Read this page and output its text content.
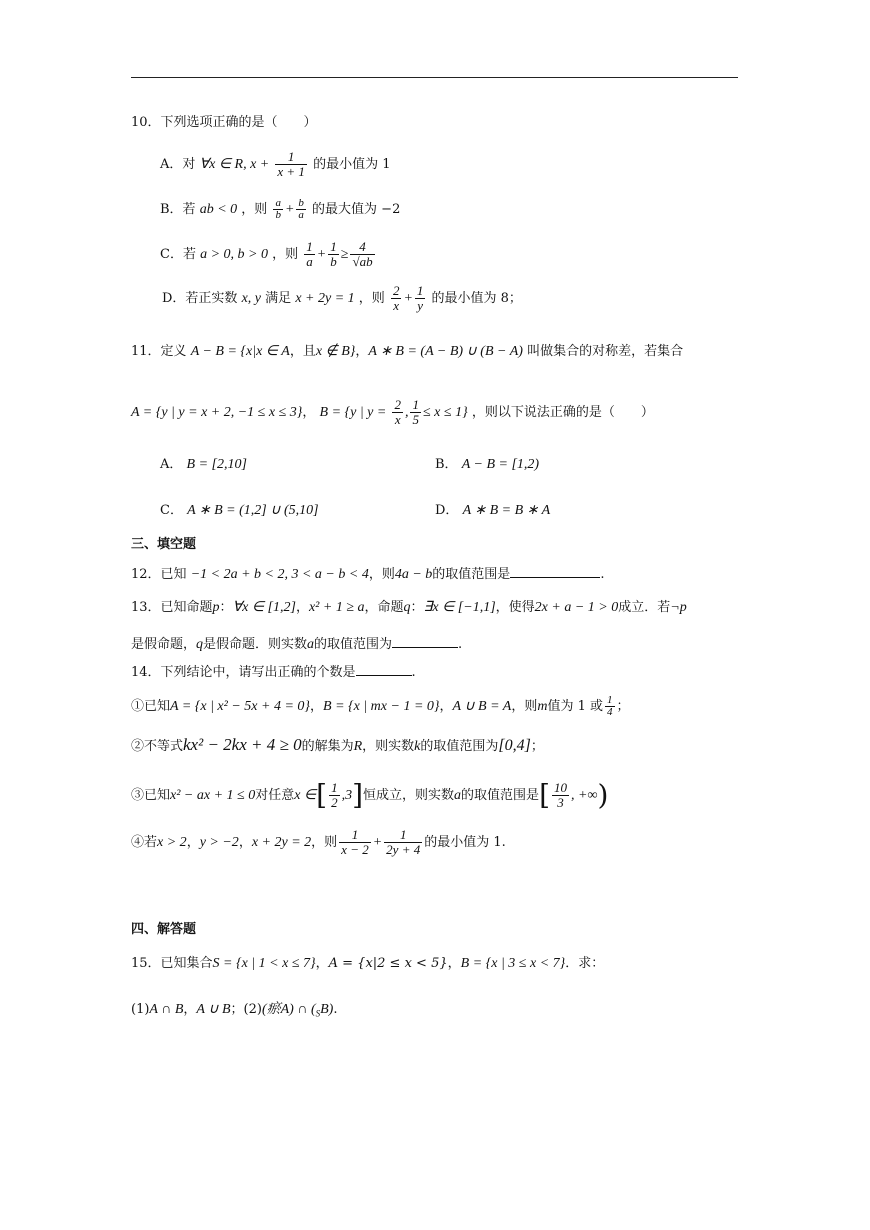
10．下列选项正确的是（　　）
A．对 ∀x ∈ R, $x + \frac{1}{x + 1}$ 的最小值为 1
B．若 ab < 0 ，则 $\frac{a}{b} + \frac{b}{a}$ 的最大值为 −2
C．若 a > 0, b > 0 ，则 $\frac{1}{a} + \frac{1}{b} \ge \frac{4}{√ab}$
D．若正实数 x, y 满足 x + 2y = 1 ，则 $\frac{2}{x} + \frac{1}{y}$ 的最小值为 8；
11．定义 A − B = {x|x ∈ A，且x ∉ B}，A ∗ B = (A − B) ∪ (B − A) 叫做集合的对称差，若集合
A = {y | y = x + 2, −1 ≤ x ≤ 3}， B = {y | $y = \frac{2}{x}$ , $\frac{1}{5} \le x \le 1$} ，则以下说法正确的是（　　）
A． B = [2,10]	B． A − B = [1,2)
C． A ∗ B = (1,2] ∪ (5,10]	D． A ∗ B = B ∗ A
三、填空题
12．已知 −1 < 2a + b < 2, 3 < a − b < 4，则4a − b的取值范围是	.
13．已知命题p：∀x ∈ [1,2]，x² + 1 ≥ a，命题q：∃x ∈ [−1,1]，使得2x + a − 1 > 0成立．若¬p
是假命题，q是假命题．则实数a的取值范围为	.
14．下列结论中，请写出正确的个数是	.
①已知A = {x | x² − 5x + 4 = 0}，B = {x | mx − 1 = 0}，A ∪ B = A，则m值为 1 或 $\frac{1}{4}$ ；
②不等式kx² − 2kx + 4 ≥ 0的解集为R，则实数k的取值范围为[0,4]；
③已知x² − ax + 1 ≤ 0对任意x ∈[ $\frac{1}{2} ,3$]恒成立，则实数a的取值范围是[ $\frac{10}{3}$ , +∞)
④若x > 2，y > −2，x + 2y = 2，则 $\frac{1}{x - 2} + \frac{1}{2y + 4}$ 的最小值为 1.
四、解答题
15．已知集合S = {x | 1 < x ≤ 7}，A = {x|2 ≤ x < 5}，B = {x | 3 ≤ x < 7}．求：
(1)A ∩ B，A ∪ B；(2)(瘀A) ∩ $(_SB)$.
